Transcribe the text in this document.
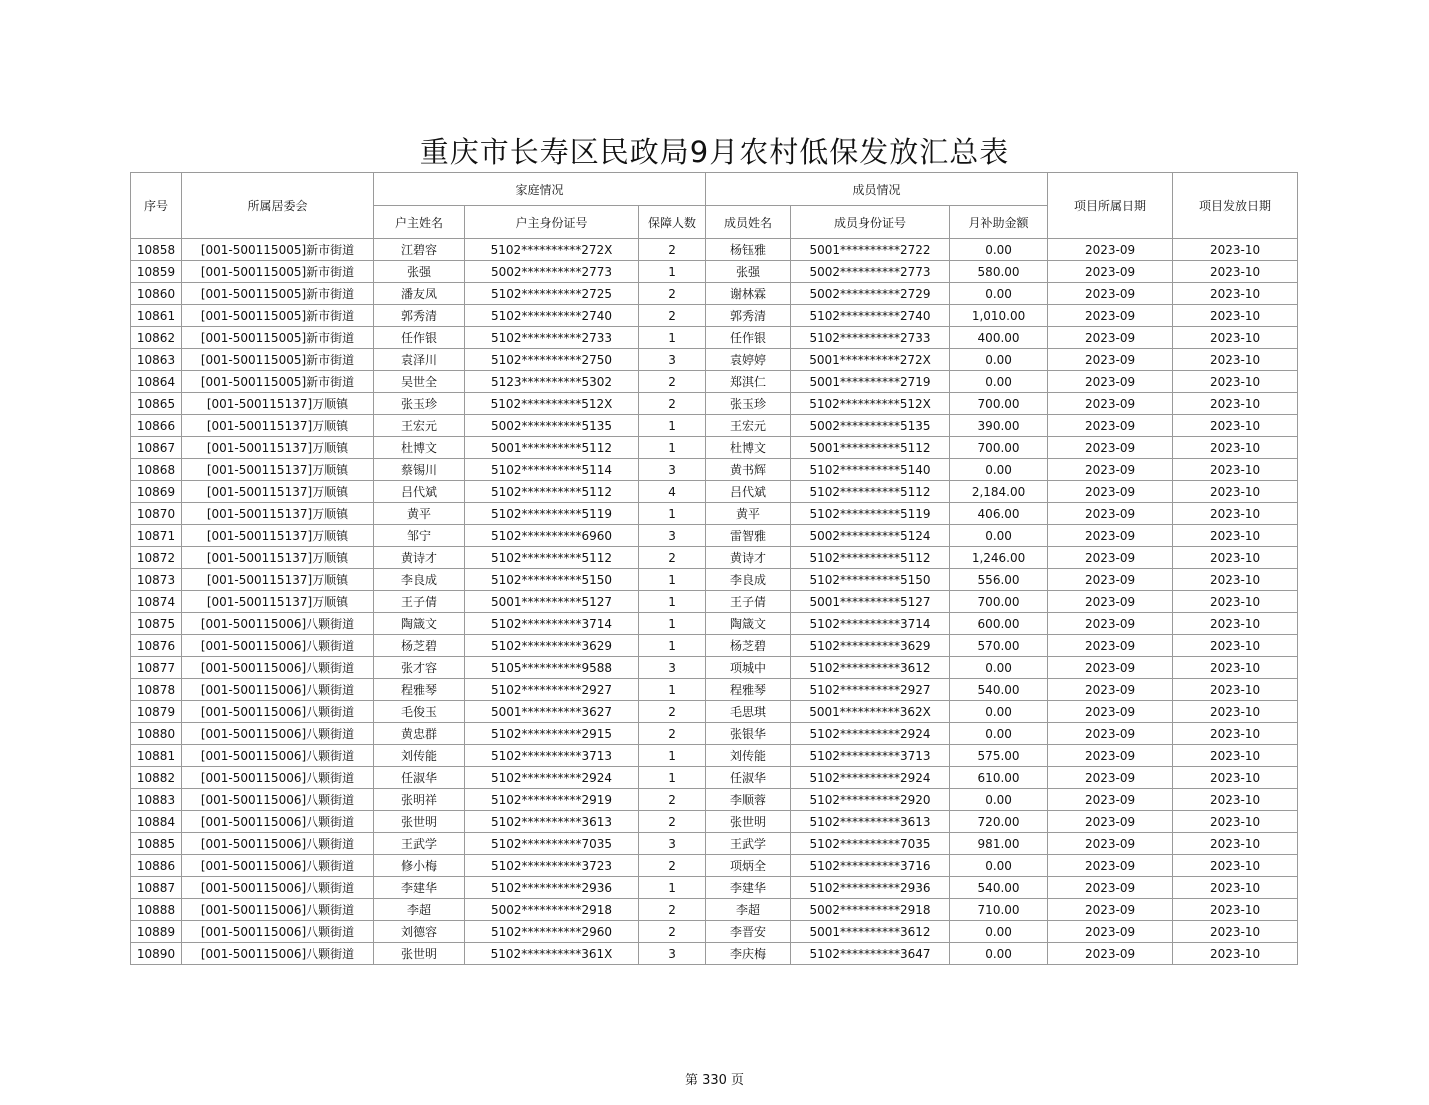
重庆市长寿区民政局9月农村低保发放汇总表
序号	所属居委会	家庭情况			成员情况			项目所属日期	项目发放日期
		户主姓名	户主身份证号	保障人数	成员姓名	成员身份证号	月补助金额		
10858	[001-500115005]新市街道	江碧容	5102**********272X	2	杨钰雅	5001**********2722	0.00	2023-09	2023-10
10859	[001-500115005]新市街道	张强	5002**********2773	1	张强	5002**********2773	580.00	2023-09	2023-10
10860	[001-500115005]新市街道	潘友凤	5102**********2725	2	谢林霖	5002**********2729	0.00	2023-09	2023-10
10861	[001-500115005]新市街道	郭秀清	5102**********2740	2	郭秀清	5102**********2740	1,010.00	2023-09	2023-10
10862	[001-500115005]新市街道	任作银	5102**********2733	1	任作银	5102**********2733	400.00	2023-09	2023-10
10863	[001-500115005]新市街道	袁泽川	5102**********2750	3	袁婷婷	5001**********272X	0.00	2023-09	2023-10
10864	[001-500115005]新市街道	吴世全	5123**********5302	2	郑淇仁	5001**********2719	0.00	2023-09	2023-10
10865	[001-500115137]万顺镇	张玉珍	5102**********512X	2	张玉珍	5102**********512X	700.00	2023-09	2023-10
10866	[001-500115137]万顺镇	王宏元	5002**********5135	1	王宏元	5002**********5135	390.00	2023-09	2023-10
10867	[001-500115137]万顺镇	杜博文	5001**********5112	1	杜博文	5001**********5112	700.00	2023-09	2023-10
10868	[001-500115137]万顺镇	蔡锡川	5102**********5114	3	黄书辉	5102**********5140	0.00	2023-09	2023-10
10869	[001-500115137]万顺镇	吕代斌	5102**********5112	4	吕代斌	5102**********5112	2,184.00	2023-09	2023-10
10870	[001-500115137]万顺镇	黄平	5102**********5119	1	黄平	5102**********5119	406.00	2023-09	2023-10
10871	[001-500115137]万顺镇	邹宁	5102**********6960	3	雷智雅	5002**********5124	0.00	2023-09	2023-10
10872	[001-500115137]万顺镇	黄诗才	5102**********5112	2	黄诗才	5102**********5112	1,246.00	2023-09	2023-10
10873	[001-500115137]万顺镇	李良成	5102**********5150	1	李良成	5102**********5150	556.00	2023-09	2023-10
10874	[001-500115137]万顺镇	王子倩	5001**********5127	1	王子倩	5001**********5127	700.00	2023-09	2023-10
10875	[001-500115006]八颗街道	陶箴文	5102**********3714	1	陶箴文	5102**********3714	600.00	2023-09	2023-10
10876	[001-500115006]八颗街道	杨芝碧	5102**********3629	1	杨芝碧	5102**********3629	570.00	2023-09	2023-10
10877	[001-500115006]八颗街道	张才容	5105**********9588	3	项城中	5102**********3612	0.00	2023-09	2023-10
10878	[001-500115006]八颗街道	程雅琴	5102**********2927	1	程雅琴	5102**********2927	540.00	2023-09	2023-10
10879	[001-500115006]八颗街道	毛俊玉	5001**********3627	2	毛思琪	5001**********362X	0.00	2023-09	2023-10
10880	[001-500115006]八颗街道	黄忠群	5102**********2915	2	张银华	5102**********2924	0.00	2023-09	2023-10
10881	[001-500115006]八颗街道	刘传能	5102**********3713	1	刘传能	5102**********3713	575.00	2023-09	2023-10
10882	[001-500115006]八颗街道	任淑华	5102**********2924	1	任淑华	5102**********2924	610.00	2023-09	2023-10
10883	[001-500115006]八颗街道	张明祥	5102**********2919	2	李顺蓉	5102**********2920	0.00	2023-09	2023-10
10884	[001-500115006]八颗街道	张世明	5102**********3613	2	张世明	5102**********3613	720.00	2023-09	2023-10
10885	[001-500115006]八颗街道	王武学	5102**********7035	3	王武学	5102**********7035	981.00	2023-09	2023-10
10886	[001-500115006]八颗街道	修小梅	5102**********3723	2	项炳全	5102**********3716	0.00	2023-09	2023-10
10887	[001-500115006]八颗街道	李建华	5102**********2936	1	李建华	5102**********2936	540.00	2023-09	2023-10
10888	[001-500115006]八颗街道	李超	5002**********2918	2	李超	5002**********2918	710.00	2023-09	2023-10
10889	[001-500115006]八颗街道	刘德容	5102**********2960	2	李晋安	5001**********3612	0.00	2023-09	2023-10
10890	[001-500115006]八颗街道	张世明	5102**********361X	3	李庆梅	5102**********3647	0.00	2023-09	2023-10
第 330 页
